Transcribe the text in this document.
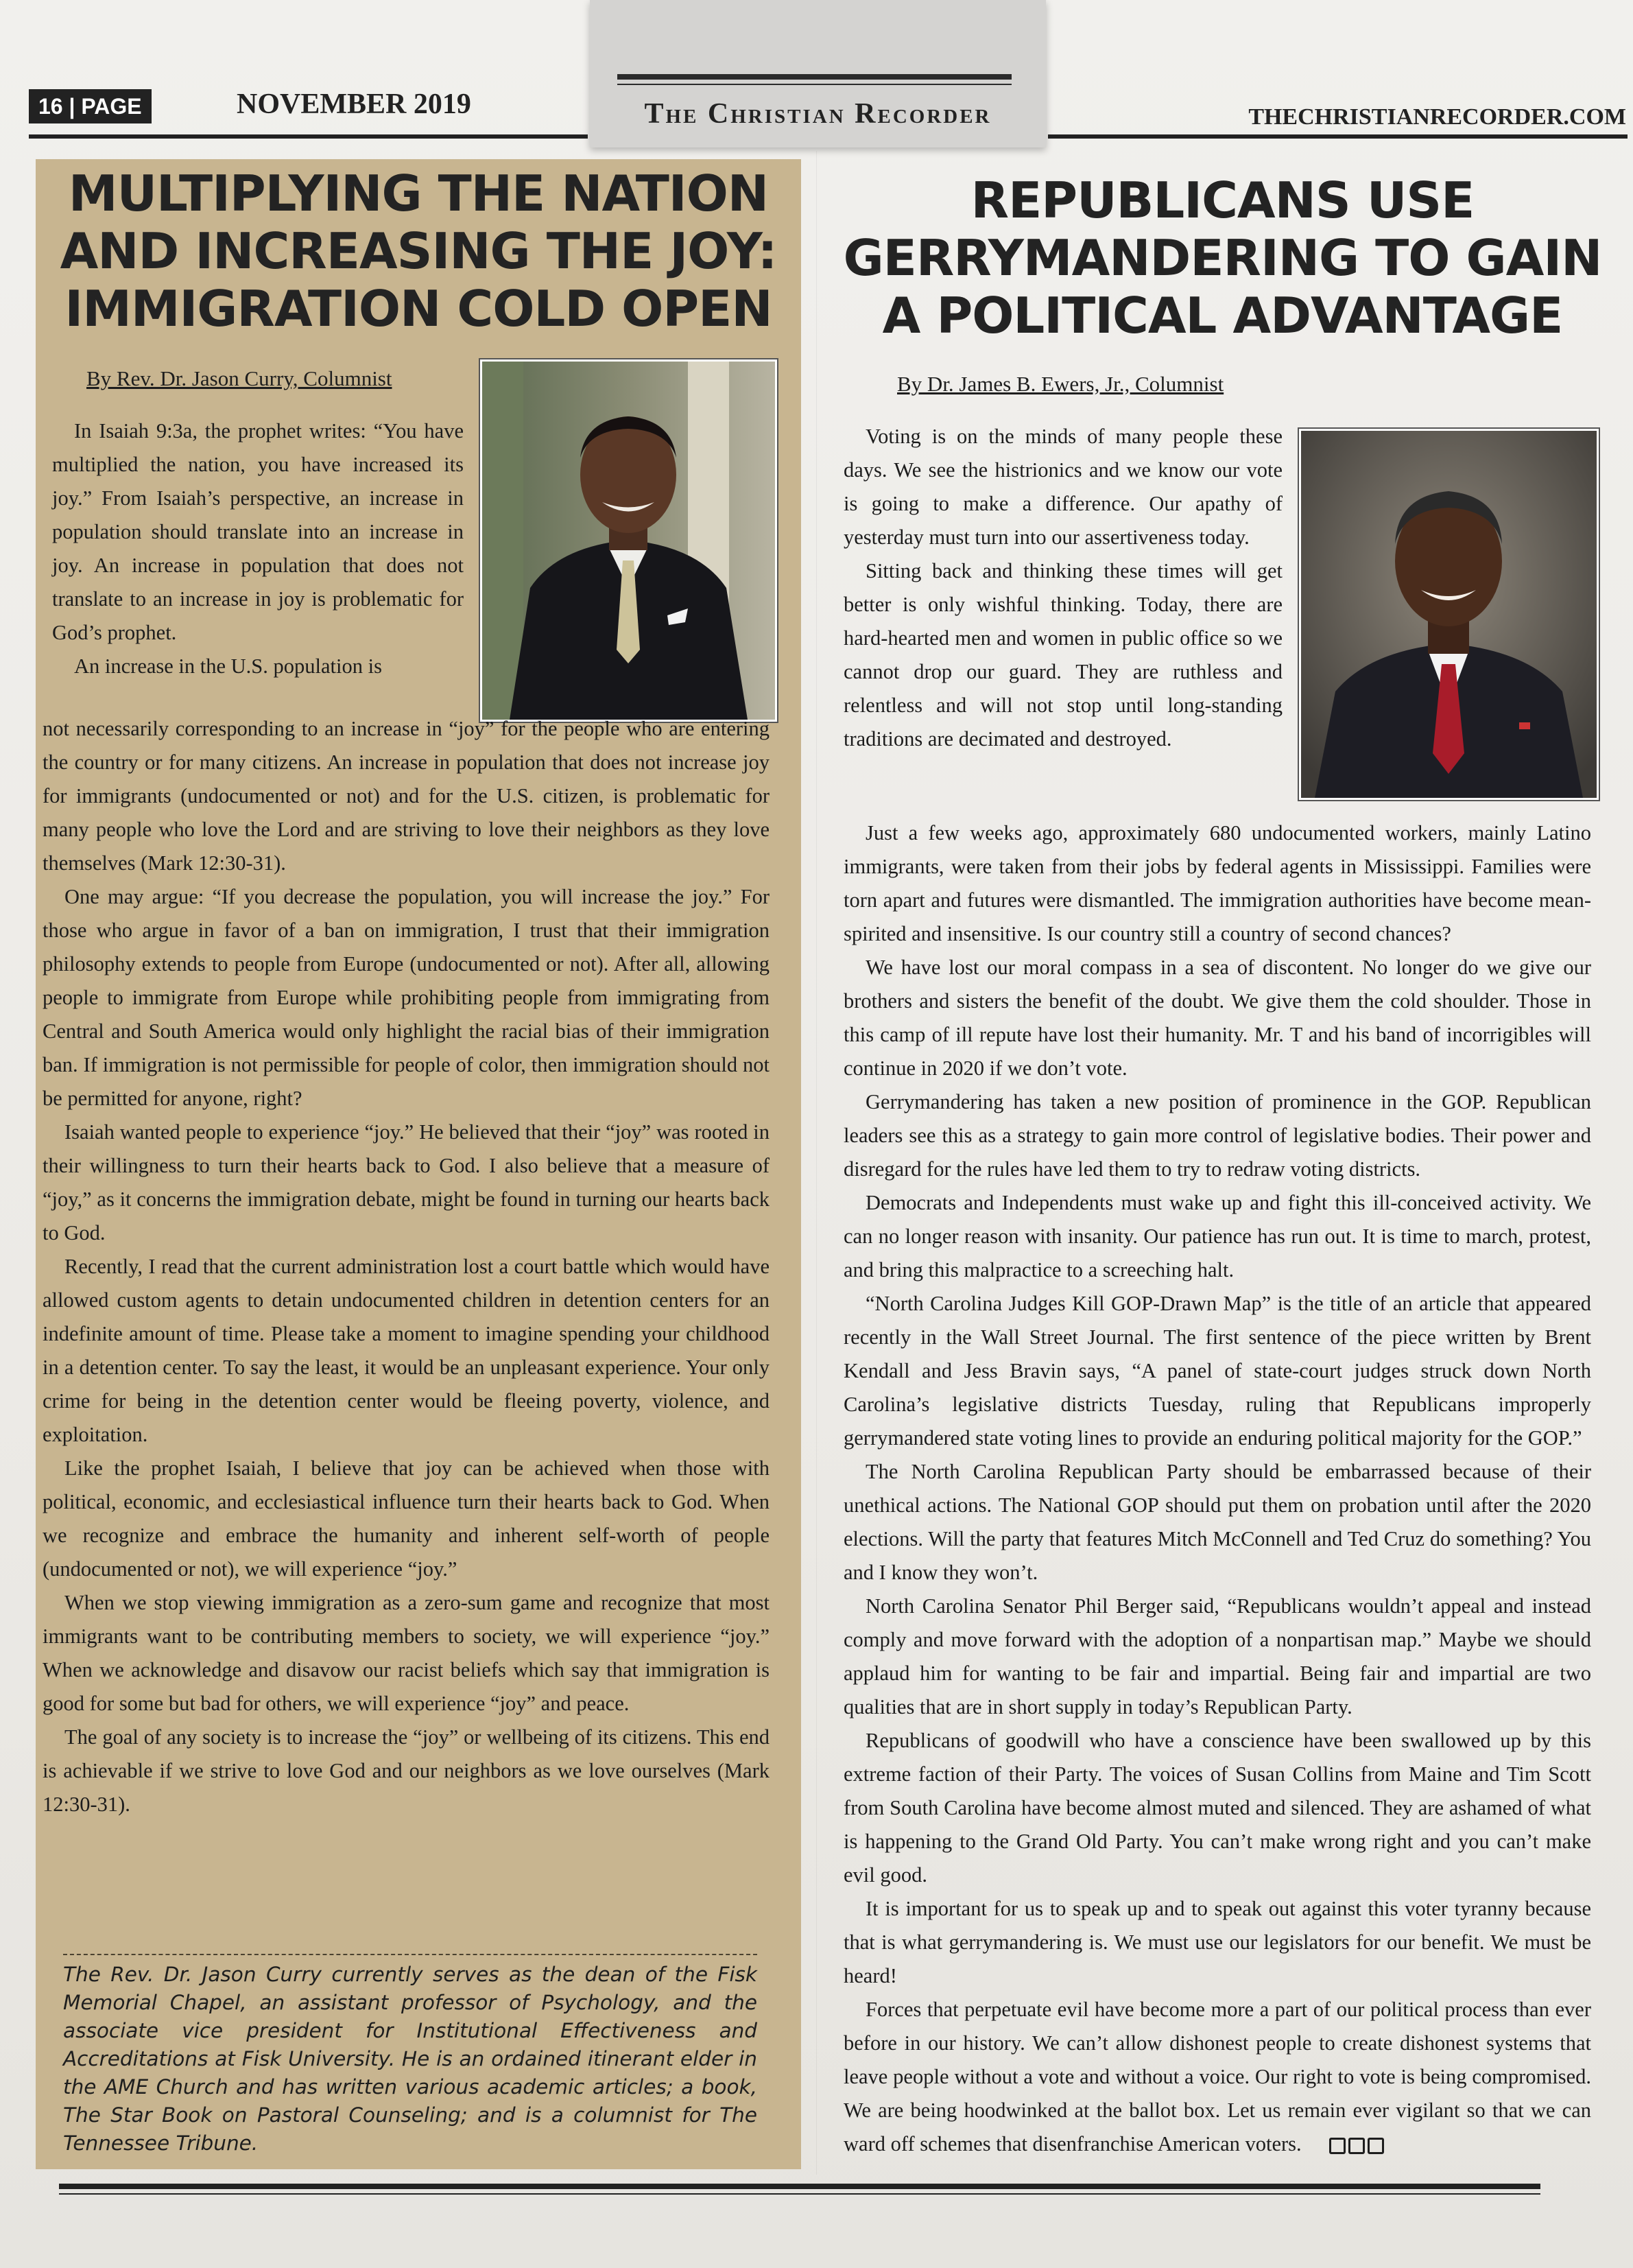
The Christian Recorder
16 | PAGE	NOVEMBER 2019	THECHRISTIANRECORDER.COM
MULTIPLYING THE NATION
AND INCREASING THE JOY:
IMMIGRATION COLD OPEN
By Rev. Dr. Jason Curry, Columnist

In Isaiah 9:3a, the prophet writes: “You have multiplied the nation, you have increased its joy.” From Isaiah’s perspective, an increase in population should translate into an increase in joy. An increase in population that does not translate to an increase in joy is problematic for God’s prophet.

An increase in the U.S. population is

not necessarily corresponding to an increase in “joy” for the people who are entering the country or for many citizens. An increase in population that does not increase joy for immigrants (undocumented or not) and for the U.S. citizen, is problematic for many people who love the Lord and are striving to love their neighbors as they love themselves (Mark 12:30-31).

One may argue: “If you decrease the population, you will increase the joy.” For those who argue in favor of a ban on immigration, I trust that their immigration philosophy extends to people from Europe (undocumented or not). After all, allowing people to immigrate from Europe while prohibiting people from immigrating from Central and South America would only highlight the racial bias of their immigration ban. If immigration is not permissible for people of color, then immigration should not be permitted for anyone, right?

Isaiah wanted people to experience “joy.” He believed that their “joy” was rooted in their willingness to turn their hearts back to God. I also believe that a measure of “joy,” as it concerns the immigration debate, might be found in turning our hearts back to God.

Recently, I read that the current administration lost a court battle which would have allowed custom agents to detain undocumented children in detention centers for an indefinite amount of time. Please take a moment to imagine spending your childhood in a detention center. To say the least, it would be an unpleasant experience. Your only crime for being in the detention center would be fleeing poverty, violence, and exploitation.

Like the prophet Isaiah, I believe that joy can be achieved when those with political, economic, and ecclesiastical influence turn their hearts back to God. When we recognize and embrace the humanity and inherent self-worth of people (undocumented or not), we will experience “joy.”

When we stop viewing immigration as a zero-sum game and recognize that most immigrants want to be contributing members to society, we will experience “joy.” When we acknowledge and disavow our racist beliefs which say that immigration is good for some but bad for others, we will experience “joy” and peace.

The goal of any society is to increase the “joy” or wellbeing of its citizens. This end is achievable if we strive to love God and our neighbors as we love ourselves (Mark 12:30-31).

The Rev. Dr. Jason Curry currently serves as the dean of the Fisk Memorial Chapel, an assistant professor of Psychology, and the associate vice president for Institutional Effectiveness and Accreditations at Fisk University. He is an ordained itinerant elder in the AME Church and has written various academic articles; a book, The Star Book on Pastoral Counseling; and is a columnist for The Tennessee Tribune.
REPUBLICANS USE
GERRYMANDERING TO GAIN
A POLITICAL ADVANTAGE
By Dr. James B. Ewers, Jr., Columnist

Voting is on the minds of many people these days. We see the histrionics and we know our vote is going to make a difference. Our apathy of yesterday must turn into our assertiveness today.

Sitting back and thinking these times will get better is only wishful thinking. Today, there are hard-hearted men and women in public office so we cannot drop our guard. They are ruthless and relentless and will not stop until long-standing traditions are decimated and destroyed.

Just a few weeks ago, approximately 680 undocumented workers, mainly Latino immigrants, were taken from their jobs by federal agents in Mississippi. Families were torn apart and futures were dismantled. The immigration authorities have become mean-spirited and insensitive. Is our country still a country of second chances?

We have lost our moral compass in a sea of discontent. No longer do we give our brothers and sisters the benefit of the doubt. We give them the cold shoulder. Those in this camp of ill repute have lost their humanity. Mr. T and his band of incorrigibles will continue in 2020 if we don’t vote.

Gerrymandering has taken a new position of prominence in the GOP. Republican leaders see this as a strategy to gain more control of legislative bodies. Their power and disregard for the rules have led them to try to redraw voting districts.

Democrats and Independents must wake up and fight this ill-conceived activity. We can no longer reason with insanity. Our patience has run out. It is time to march, protest, and bring this malpractice to a screeching halt.

“North Carolina Judges Kill GOP-Drawn Map” is the title of an article that appeared recently in the Wall Street Journal. The first sentence of the piece written by Brent Kendall and Jess Bravin says, “A panel of state-court judges struck down North Carolina’s legislative districts Tuesday, ruling that Republicans improperly gerrymandered state voting lines to provide an enduring political majority for the GOP.”

The North Carolina Republican Party should be embarrassed because of their unethical actions. The National GOP should put them on probation until after the 2020 elections. Will the party that features Mitch McConnell and Ted Cruz do something? You and I know they won’t.

North Carolina Senator Phil Berger said, “Republicans wouldn’t appeal and instead comply and move forward with the adoption of a nonpartisan map.” Maybe we should applaud him for wanting to be fair and impartial. Being fair and impartial are two qualities that are in short supply in today’s Republican Party.

Republicans of goodwill who have a conscience have been swallowed up by this extreme faction of their Party. The voices of Susan Collins from Maine and Tim Scott from South Carolina have become almost muted and silenced. They are ashamed of what is happening to the Grand Old Party. You can’t make wrong right and you can’t make evil good.

It is important for us to speak up and to speak out against this voter tyranny because that is what gerrymandering is. We must use our legislators for our benefit. We must be heard!

Forces that perpetuate evil have become more a part of our political process than ever before in our history. We can’t allow dishonest people to create dishonest systems that leave people without a vote and without a voice. Our right to vote is being compromised. We are being hoodwinked at the ballot box. Let us remain ever vigilant so that we can ward off schemes that disenfranchise American voters.
